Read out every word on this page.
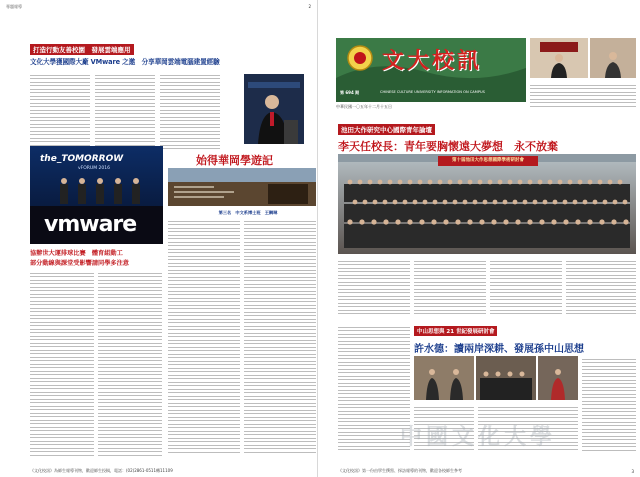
專題報導	2
打造行動友善校園　發展雲端應用
文化大學獲國際大廠 VMware 之邀　分享華岡雲端電腦建置經驗
the_TOMORROW
vFORUM 2016
vmware
始得華岡學遊記
第三名　中文系博士班　王鋼琳
協辦世大運排球比賽　體育組動工
部分動線與課堂受影響請同學多注意
《文化校訊》為師生報導刊物，歡迎師生投稿，電話：(02)2861-0511轉11109
文大校訊
CHINESE CULTURE UNIVERSITY INFORMATION ON CAMPUS
第 694 期
中華民國一〇五年十二月十五日
池田大作研究中心國際青年論壇
李天任校長：青年要胸懷遠大夢想　永不放棄
第十屆池田大作思想國際學術研討會
中山思想與 21 世紀發展研討會
許水德：讀兩岸深耕、發展孫中山思想
中國文化大學
《文化校訊》第一份由學生撰寫、採訪報導的刊物，歡迎各校師生參考	3
